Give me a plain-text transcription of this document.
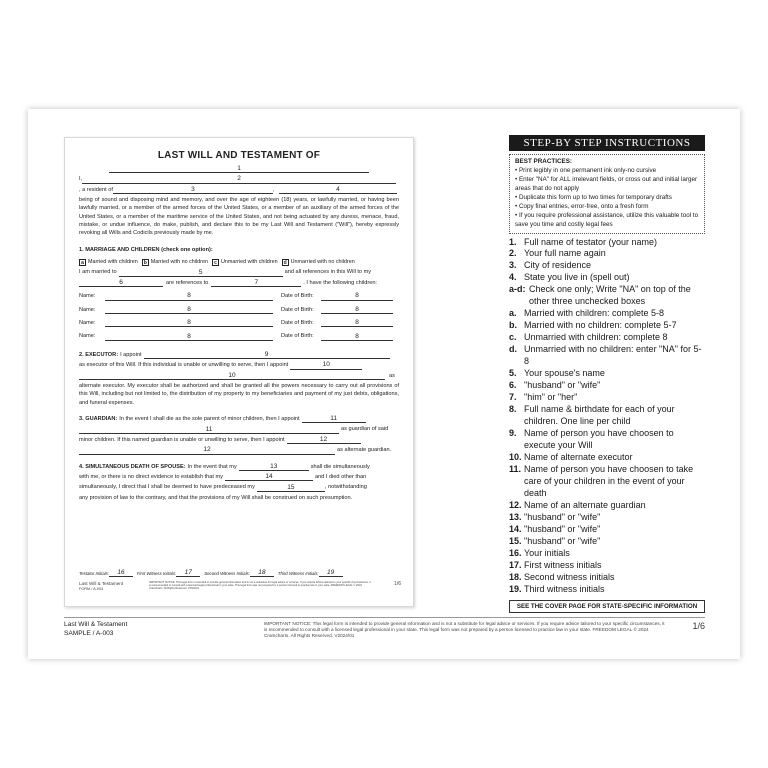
LAST WILL AND TESTAMENT OF
1
I,	2
, a resident of	3	,	4

being of sound and disposing mind and memory, and over the age of eighteen (18) years, or lawfully married, or having been lawfully married, or a member of the armed forces of the United States, or a member of an auxiliary of the armed forces of the United States, or a member of the maritime service of the United States, and not being actuated by any duress, menace, fraud, mistake, or undue influence, do make, publish, and declare this to be my Last Will and Testament ("Will"), hereby expressly revoking all Wills and Codicils previously made by me.

1. MARRIAGE AND CHILDREN (check one option):
a Married with children	b Married with no children	c Unmarried with children	d Unmarried with no children
I am married to	5	and all references in this Will to my
6	are references to	7	. I have the following children:
Name:	8	Date of Birth:	8
Name:	8	Date of Birth:	8
Name:	8	Date of Birth:	8
Name:	8	Date of Birth:	8
2. EXECUTOR: I appoint	9
as executor of this Will. If this individual is unable or unwilling to serve, then I appoint	10
10	as

alternate executor. My executor shall be authorized and shall be granted all the powers necessary to carry out all provisions of this Will, including but not limited to, the distribution of my property to my beneficiaries and payment of my just debts, obligations, and funeral expenses.

3. GUARDIAN: In the event I shall die as the sole parent of minor children, then I appoint	11
11	as guardian of said
minor children. If this named guardian is unable or unwilling to serve, then I appoint	12
12	as alternate guardian.
4. SIMULTANEOUS DEATH OF SPOUSE: In the event that my	13	shall die simultaneously
with me, or there is no direct evidence to establish that my	14	and I died other than
simultaneously, I direct that I shall be deemed to have predeceased my	15	, notwithstanding

any provision of law to the contrary, and that the provisions of my Will shall be construed on such presumption.

Testator Initials:	16	First Witness Initials:	17	Second Witness Initials:	18	Third Witness Initials:	19
Last Will & Testament
FORM / A-003
IMPORTANT NOTICE: This legal form is intended to provide general information and is not a substitute for legal advice or services. If you require advice tailored to your specific circumstances, it is recommended to consult with a licensed legal professional in your state. This legal form was not prepared by a person licensed to practice law in your state. FREEDOM LEGAL © 2024 Cramcharts. All Rights Reserved. V2024/01
1/6
STEP-BY STEP INSTRUCTIONS
BEST PRACTICES:
• Print legibly in one permanent ink only-no cursive
• Enter "NA" for ALL irrelevant fields, or cross out and initial larger areas that do not apply
• Duplicate this form up to two times for temporary drafts
• Copy final entries, error-free, onto a fresh form
• If you require professional assistance, utilize this valuable tool to save you time and costly legal fees
1. Full name of testator (your name)
2. Your full name again
3. City of residence
4. State you live in (spell out)
a-d: Check one only; Write "NA" on top of the other three unchecked boxes
a. Married with children: complete 5-8
b. Married with no children: complete 5-7
c. Unmarried with children: complete 8
d. Unmarried with no children: enter "NA" for 5-8
5. Your spouse's name
6. "husband" or "wife"
7. "him" or "her"
8. Full name & birthdate for each of your children. One line per child
9. Name of person you have choosen to execute your Will
10. Name of alternate executor
11. Name of person you have choosen to take care of your children in the event of your death
12. Name of an alternate guardian
13. "husband" or "wife"
14. "husband" or "wife"
15. "husband" or "wife"
16. Your initials
17. First witness initials
18. Second witness initials
19. Third witness initials
SEE THE COVER PAGE FOR STATE-SPECIFIC INFORMATION
Last Will & Testament
SAMPLE / A-003
IMPORTANT NOTICE: This legal form is intended to provide general information and is not a substitute for legal advice or services. If you require advice tailored to your specific circumstances, it is recommended to consult with a licensed legal professional in your state. This legal form was not prepared by a person licensed to practice law in your state. FREEDOM LEGAL © 2024 Cramcharts. All Rights Reserved. V2024/01
1/6
